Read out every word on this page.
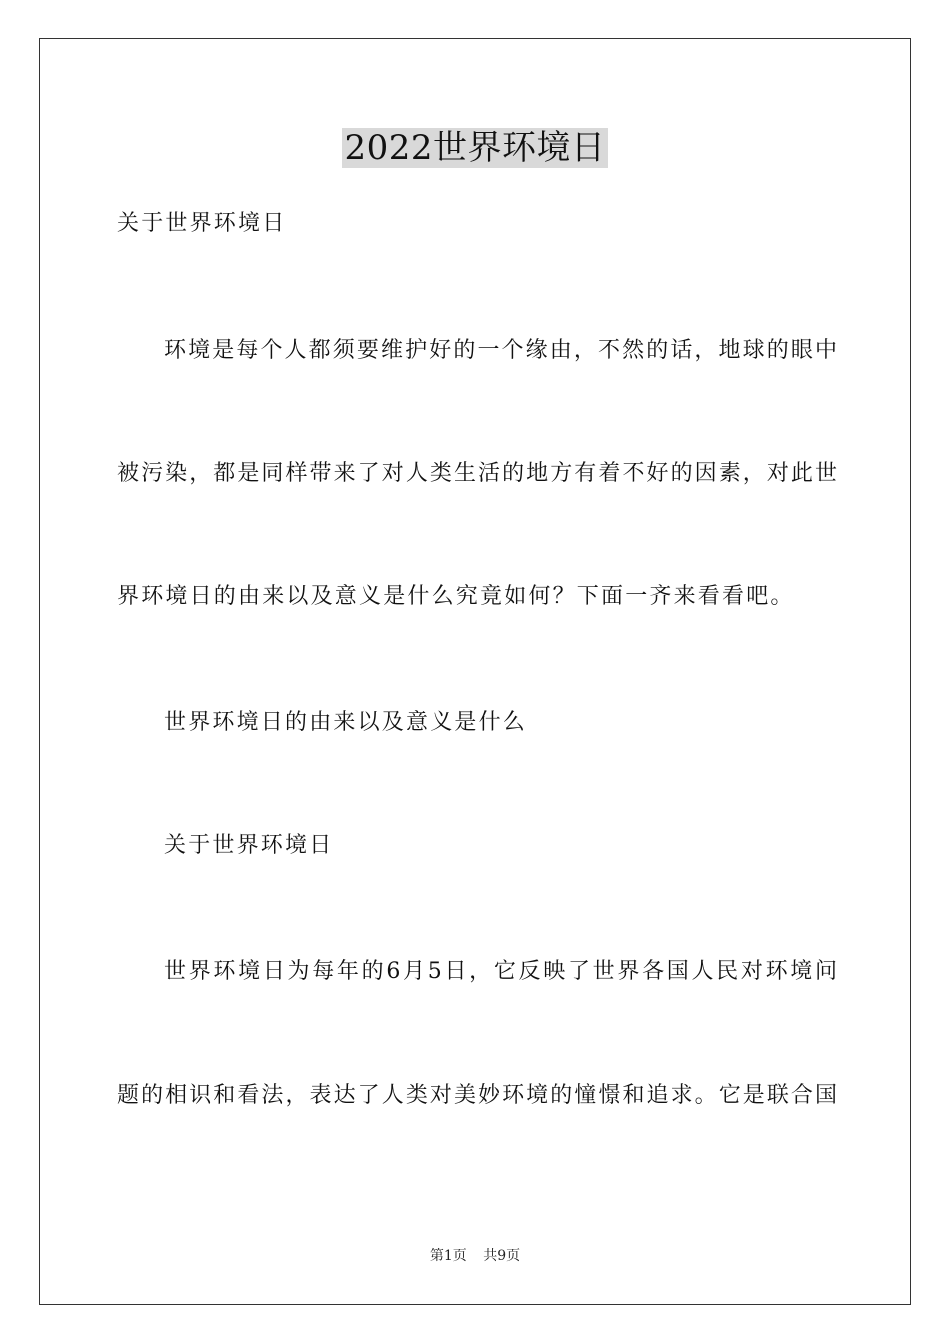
2022世界环境日
关于世界环境日
环境是每个人都须要维护好的一个缘由，不然的话，地球的眼中
被污染，都是同样带来了对人类生活的地方有着不好的因素，对此世
界环境日的由来以及意义是什么究竟如何？下面一齐来看看吧。
世界环境日的由来以及意义是什么
关于世界环境日
世界环境日为每年的6月5日，它反映了世界各国人民对环境问
题的相识和看法，表达了人类对美妙环境的憧憬和追求。它是联合国
第1页 共9页
